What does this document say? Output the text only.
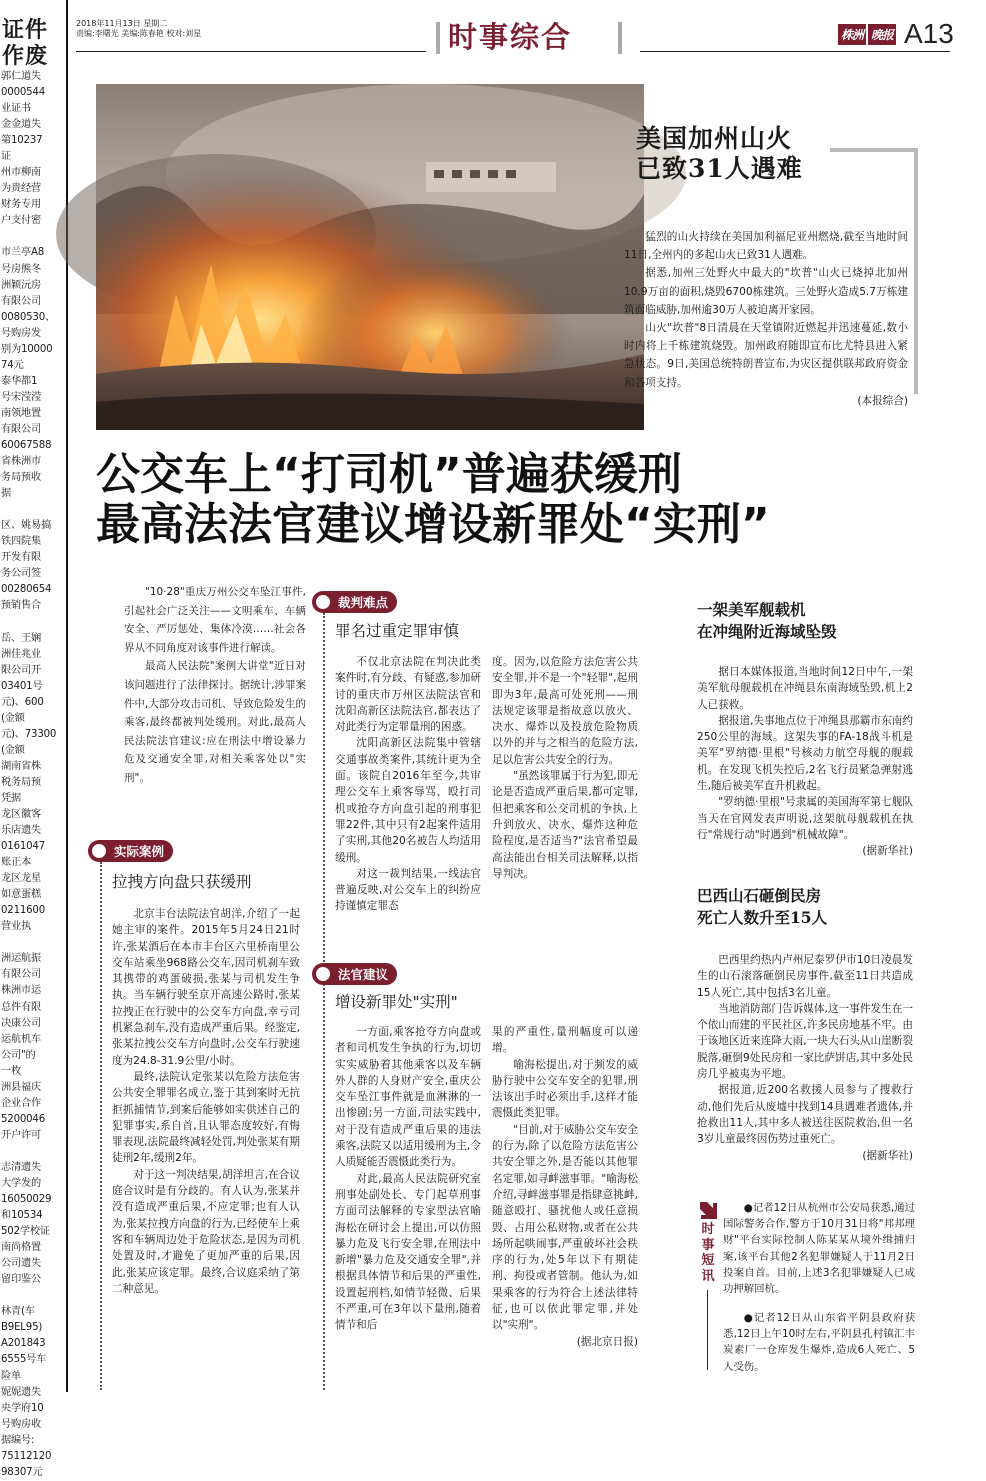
证件
作废
郭仁道失
0000544
业证书
金金道失
第10237
证
州市柳南
为贵经营
财务专用
户支付密
市兰亭A8
号房熊冬
洲颖沅房
有限公司
0080530、
号购房发
别为10000
74元
泰华都1
号宋滢滢
南领地置
有限公司
60067588
省株洲市
务局预收
据
区、姚易搞
铁四院集
开发有限
务公司签
00280654
预销售合
岳、王娴
洲佳兆业
限公司开
03401号
元)、600
(金额
元)、73300
(金额
湖南省株
税务局预
凭据
龙区徽客
乐店遗失
0161047
账正本
龙区龙星
如意蛋糕
0211600
营业执
洲运航振
有限公司
株洲市运
总件有限
决康公司
运航机车
公司"的
一枚
洲县福庆
企业合作
5200046
开户许可
志清遗失
大学发的
16050029
和10534
502学校证
南尚格置
公司遗失
留印鉴公
林青(车
B9EL95)
A201843
6555号车
险单
妮妮遗失
央学府10
号购房收
据编号:
75112120
98307元
2018年11月13日 星期二
责编:李曙光 美编:陈春艳 校对:刘星	时事综合	株洲 晚报 A13
美国加州山火
已致31人遇难

猛烈的山火持续在美国加利福尼亚州燃烧,截至当地时间11日,全州内的多起山火已致31人遇难。

据悉,加州三处野火中最大的"坎普"山火已烧掉北加州10.9万亩的面积,烧毁6700栋建筑。三处野火造成5.7万栋建筑面临威胁,加州逾30万人被迫离开家园。

山火"坎普"8日清晨在天堂镇附近燃起并迅速蔓延,数小时内将上千栋建筑烧毁。加州政府随即宣布比尤特县进入紧急状态。9日,美国总统特朗普宣布,为灾区提供联邦政府资金和各项支持。

(本报综合)

公交车上“打司机”普遍获缓刑
最高法法官建议增设新罪处“实刑”

"10·28"重庆万州公交车坠江事件,引起社会广泛关注——文明乘车、车辆安全、严厉惩处、集体冷漠……社会各界从不同角度对该事件进行解读。

最高人民法院"案例大讲堂"近日对该问题进行了法律探讨。据统计,涉罪案件中,大部分攻击司机、导致危险发生的乘客,最终都被判处缓刑。对此,最高人民法院法官建议:应在刑法中增设暴力危及交通安全罪,对相关乘客处以"实刑"。

实际案例
拉拽方向盘只获缓刑

北京丰台法院法官胡洋,介绍了一起她主审的案件。2015年5月24日21时许,张某酒后在本市丰台区六里桥南里公交车站乘坐968路公交车,因司机刹车致其携带的鸡蛋破损,张某与司机发生争执。当车辆行驶至京开高速公路时,张某拉拽正在行驶中的公交车方向盘,幸亏司机紧急刹车,没有造成严重后果。经鉴定,张某拉拽公交车方向盘时,公交车行驶速度为24.8-31.9公里/小时。

最终,法院认定张某以危险方法危害公共安全罪罪名成立,鉴于其到案时无抗拒抓捕情节,到案后能够如实供述自己的犯罪事实,系自首,且认罪态度较好,有悔罪表现,法院最终减轻处罚,判处张某有期徒刑2年,缓刑2年。

对于这一判决结果,胡洋坦言,在合议庭合议时是有分歧的。有人认为,张某并没有造成严重后果,不应定罪;也有人认为,张某拉拽方向盘的行为,已经使车上乘客和车辆周边处于危险状态,是因为司机处置及时,才避免了更加严重的后果,因此,张某应该定罪。最终,合议庭采纳了第二种意见。

裁判难点
罪名过重定罪审慎

不仅北京法院在判决此类案件时,有分歧、有疑惑,参加研讨的重庆市万州区法院法官和沈阳高新区法院法官,都表达了对此类行为定罪量刑的困惑。

沈阳高新区法院集中管辖交通事故类案件,其统计更为全面。该院自2016年至今,共审理公交车上乘客辱骂、殴打司机或抢夺方向盘引起的刑事犯罪22件,其中只有2起案件适用了实刑,其他20名被告人均适用缓刑。

对这一裁判结果,一线法官普遍反映,对公交车上的纠纷应持谨慎定罪态

度。因为,以危险方法危害公共安全罪,并不是一个"轻罪",起刑即为3年,最高可处死刑——刑法规定该罪是指故意以放火、决水、爆炸以及投放危险物质以外的并与之相当的危险方法,足以危害公共安全的行为。

"虽然该罪属于行为犯,即无论是否造成严重后果,都可定罪,但把乘客和公交司机的争执,上升到放火、决水、爆炸这种危险程度,是否适当?"法官希望最高法能出台相关司法解释,以指导判决。

法官建议
增设新罪处"实刑"

一方面,乘客抢夺方向盘或者和司机发生争执的行为,切切实实威胁着其他乘客以及车辆外人群的人身财产安全,重庆公交车坠江事件就是血淋淋的一出惨剧;另一方面,司法实践中,对于没有造成严重后果的违法乘客,法院又以适用缓刑为主,令人质疑能否震慑此类行为。

对此,最高人民法院研究室刑事处副处长、专门起草刑事方面司法解释的专家型法官喻海松在研讨会上提出,可以仿照暴力危及飞行安全罪,在刑法中新增"暴力危及交通安全罪",并根据具体情节和后果的严重性,设置起刑档,如情节轻微、后果不严重,可在3年以下量刑,随着情节和后

果的严重性,量刑幅度可以递增。

喻海松提出,对于频发的威胁行驶中公交车安全的犯罪,刑法该出手时必须出手,这样才能震慑此类犯罪。

"目前,对于威胁公交车安全的行为,除了以危险方法危害公共安全罪之外,是否能以其他罪名定罪,如寻衅滋事罪。"喻海松介绍,寻衅滋事罪是指肆意挑衅,随意殴打、骚扰他人或任意损毁、占用公私财物,或者在公共场所起哄闹事,严重破坏社会秩序的行为,处5年以下有期徒刑、拘役或者管制。他认为,如果乘客的行为符合上述法律特征,也可以依此罪定罪,并处以"实刑"。

(据北京日报)

一架美军舰载机
在冲绳附近海域坠毁

据日本媒体报道,当地时间12日中午,一架美军航母舰载机在冲绳县东南海域坠毁,机上2人已获救。

据报道,失事地点位于冲绳县那霸市东南约250公里的海域。这架失事的FA-18战斗机是美军"罗纳德·里根"号核动力航空母舰的舰载机。在发现飞机失控后,2名飞行员紧急弹射逃生,随后被美军直升机救起。

"罗纳德·里根"号隶属的美国海军第七舰队当天在官网发表声明说,这架航母舰载机在执行"常规行动"时遇到"机械故障"。

(据新华社)

巴西山石砸倒民房
死亡人数升至15人

巴西里约热内卢州尼泰罗伊市10日凌晨发生的山石滚落砸倒民房事件,截至11日共造成15人死亡,其中包括3名儿童。

当地消防部门告诉媒体,这一事件发生在一个依山而建的平民社区,许多民房地基不牢。由于该地区近来连降大雨,一块大石头从山崖断裂脱落,砸倒9处民房和一家比萨饼店,其中多处民房几乎被夷为平地。

据报道,近200名救援人员参与了搜救行动,他们先后从废墟中找到14具遇难者遗体,并抢救出11人,其中多人被送往医院救治,但一名3岁儿童最终因伤势过重死亡。

(据新华社)

时事短讯

●记者12日从杭州市公安局获悉,通过国际警务合作,警方于10月31日将"邦邦理财"平台实际控制人陈某某从境外缉捕归案,该平台其他2名犯罪嫌疑人于11月2日投案自首。目前,上述3名犯罪嫌疑人已成功押解回杭。

●记者12日从山东省平阴县政府获悉,12日上午10时左右,平阴县孔村镇汇丰炭素厂一仓库发生爆炸,造成6人死亡、5人受伤。
